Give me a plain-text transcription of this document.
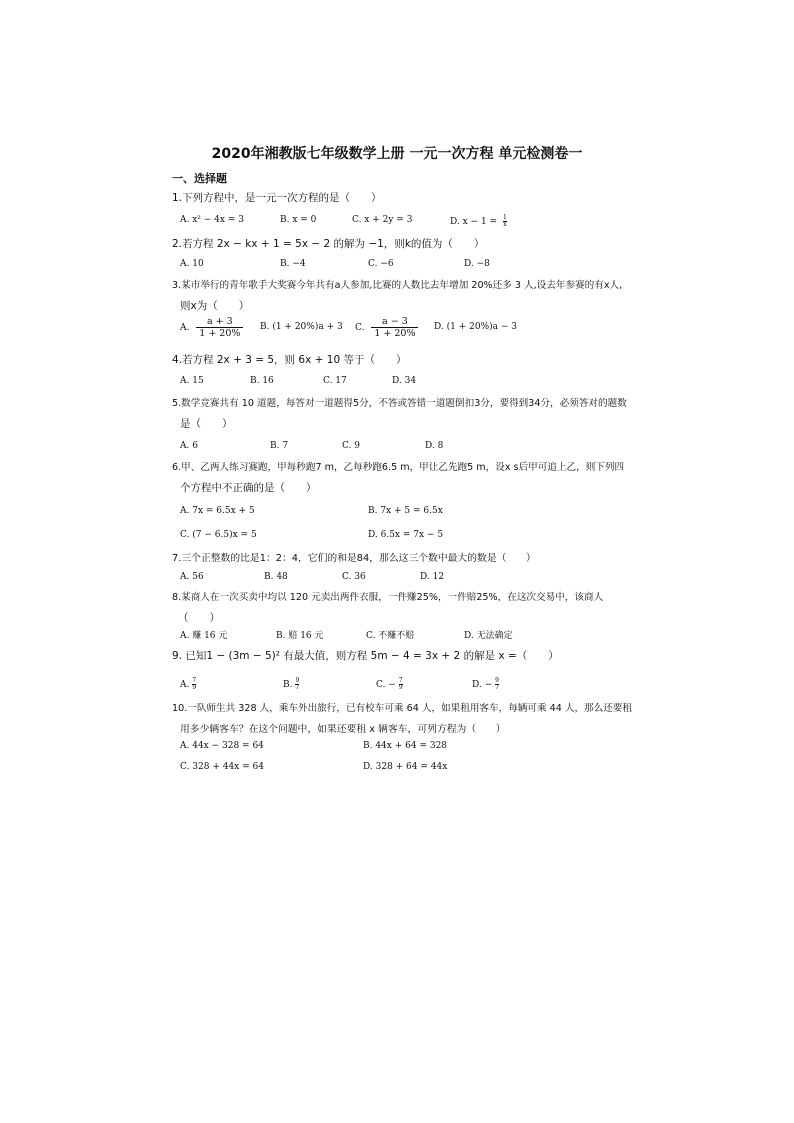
2020年湘教版七年级数学上册 一元一次方程 单元检测卷一
一、选择题
1.下列方程中，是一元一次方程的是（　　）
A. x² − 4x = 3	B. x = 0	C. x + 2y = 3	D. $x - 1 = \frac{1}{x}$
2.若方程 2x − kx + 1 = 5x − 2 的解为 −1，则k的值为（　　）
A. 10	B. −4	C. −6	D. −8
3.某市举行的青年歌手大奖赛今年共有a人参加,比赛的人数比去年增加 20%还多 3 人,设去年参赛的有x人,
则x为（　　）
A. $\frac{a + 3}{1 + 20\%} B$. (1 + 20%)a + 3 C. $\frac{a - 3}{1 + 20\%} D$. (1 + 20%)a − 3
4.若方程 2x + 3 = 5，则 6x + 10 等于（　　）
A. 15	B. 16	C. 17	D. 34
5.数学竞赛共有 10 道题，每答对一道题得5分，不答或答错一道题倒扣3分，要得到34分，必须答对的题数
是（　　）
A. 6	B. 7	C. 9	D. 8
6.甲、乙两人练习赛跑，甲每秒跑7 m，乙每秒跑6.5 m，甲让乙先跑5 m，设x s后甲可追上乙，则下列四
个方程中不正确的是（　　）
A. 7x = 6.5x + 5	B. 7x + 5 = 6.5x
C. (7 − 6.5)x = 5	D. 6.5x = 7x − 5
7.三个正整数的比是1：2：4，它们的和是84，那么这三个数中最大的数是（　　）
A. 56	B. 48	C. 36	D. 12
8.某商人在一次买卖中均以 120 元卖出两件衣服，一件赚25%，一件赔25%，在这次交易中，该商人
（　　）
A. 赚 16 元	B. 赔 16 元	C. 不赚不赔	D. 无法确定
9. 已知1 − (3m − 5)² 有最大值，则方程 5m − 4 = 3x + 2 的解是 x =（　　）
A. $\frac{7}{9}$	B. $\frac{9}{7}$	C. − $\frac{7}{9}$	D. − $\frac{9}{7}$
10.一队师生共 328 人，乘车外出旅行，已有校车可乘 64 人，如果租用客车，每辆可乘 44 人，那么还要租
用多少辆客车？在这个问题中，如果还要租 x 辆客车，可列方程为（　　）
A. 44x − 328 = 64	B. 44x + 64 = 328
C. 328 + 44x = 64	D. 328 + 64 = 44x
